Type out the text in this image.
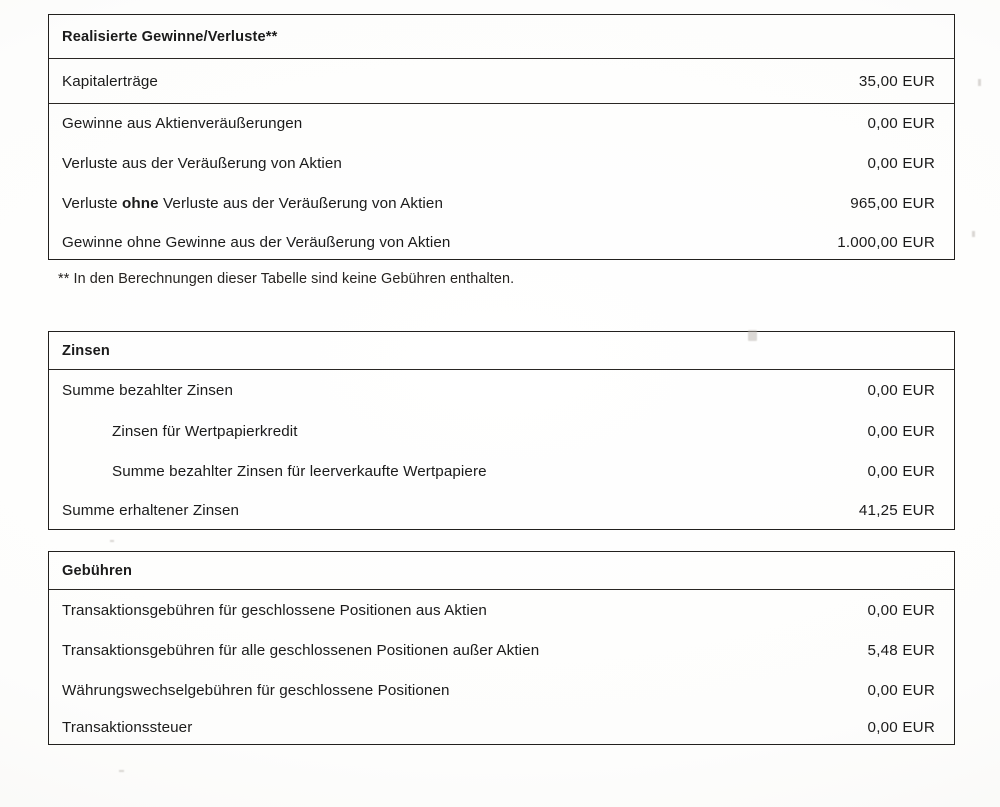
Realisierte Gewinne/Verluste**
Kapitalerträge	35,00 EUR
Gewinne aus Aktienveräußerungen	0,00 EUR
Verluste aus der Veräußerung von Aktien	0,00 EUR
Verluste ohne Verluste aus der Veräußerung von Aktien	965,00 EUR
Gewinne ohne Gewinne aus der Veräußerung von Aktien	1.000,00 EUR
** In den Berechnungen dieser Tabelle sind keine Gebühren enthalten.
Zinsen
Summe bezahlter Zinsen	0,00 EUR
Zinsen für Wertpapierkredit	0,00 EUR
Summe bezahlter Zinsen für leerverkaufte Wertpapiere	0,00 EUR
Summe erhaltener Zinsen	41,25 EUR
Gebühren
Transaktionsgebühren für geschlossene Positionen aus Aktien	0,00 EUR
Transaktionsgebühren für alle geschlossenen Positionen außer Aktien	5,48 EUR
Währungswechselgebühren für geschlossene Positionen	0,00 EUR
Transaktionssteuer	0,00 EUR
